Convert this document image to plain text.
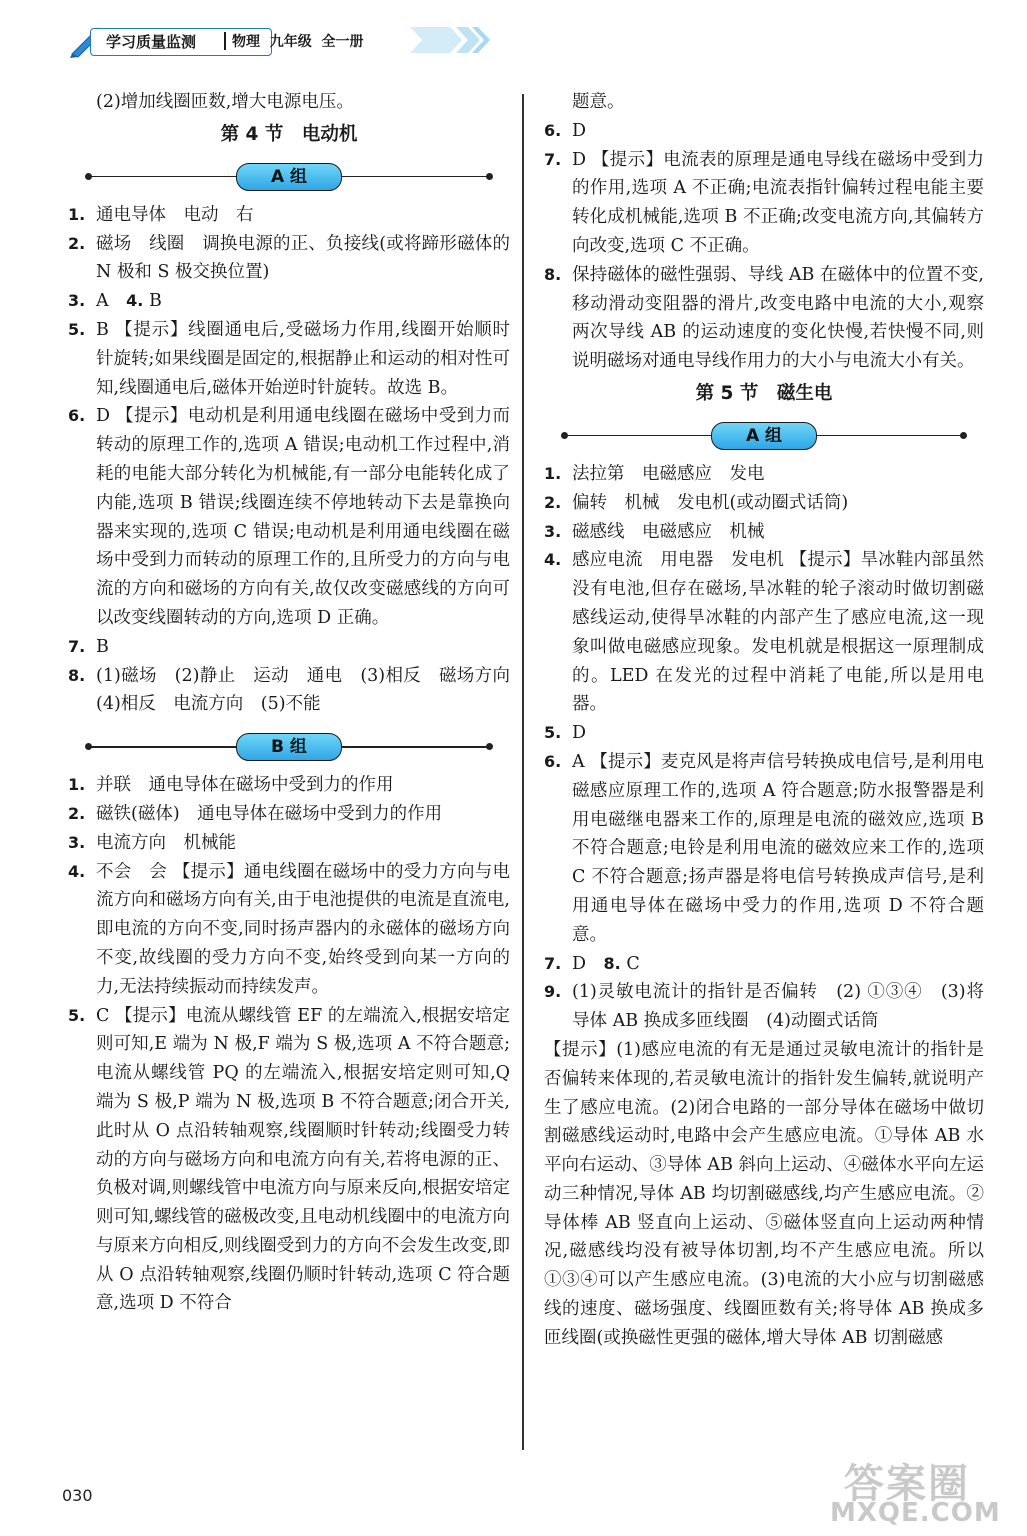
学习质量监测	物理  九年级  全一册
(2)增加线圈匝数,增大电源电压。
第 4 节　电动机
A 组
1. 通电导体　电动　右
2. 磁场　线圈　调换电源的正、负接线(或将蹄形磁体的 N 极和 S 极交换位置)
3. A　 4. B
5. B 【提示】线圈通电后,受磁场力作用,线圈开始顺时针旋转;如果线圈是固定的,根据静止和运动的相对性可知,线圈通电后,磁体开始逆时针旋转。故选 B。
6. D 【提示】电动机是利用通电线圈在磁场中受到力而转动的原理工作的,选项 A 错误;电动机工作过程中,消耗的电能大部分转化为机械能,有一部分电能转化成了内能,选项 B 错误;线圈连续不停地转动下去是靠换向器来实现的,选项 C 错误;电动机是利用通电线圈在磁场中受到力而转动的原理工作的,且所受力的方向与电流的方向和磁场的方向有关,故仅改变磁感线的方向可以改变线圈转动的方向,选项 D 正确。
7. B
8. (1)磁场　(2)静止　运动　通电　(3)相反　磁场方向　(4)相反　电流方向　(5)不能
B 组
1. 并联　通电导体在磁场中受到力的作用
2. 磁铁(磁体)　通电导体在磁场中受到力的作用
3. 电流方向　机械能
4. 不会　会 【提示】通电线圈在磁场中的受力方向与电流方向和磁场方向有关,由于电池提供的电流是直流电,即电流的方向不变,同时扬声器内的永磁体的磁场方向不变,故线圈的受力方向不变,始终受到向某一方向的力,无法持续振动而持续发声。
5. C 【提示】电流从螺线管 EF 的左端流入,根据安培定则可知,E 端为 N 极,F 端为 S 极,选项 A 不符合题意;电流从螺线管 PQ 的左端流入,根据安培定则可知,Q 端为 S 极,P 端为 N 极,选项 B 不符合题意;闭合开关,此时从 O 点沿转轴观察,线圈顺时针转动;线圈受力转动的方向与磁场方向和电流方向有关,若将电源的正、负极对调,则螺线管中电流方向与原来反向,根据安培定则可知,螺线管的磁极改变,且电动机线圈中的电流方向与原来方向相反,则线圈受到力的方向不会发生改变,即从 O 点沿转轴观察,线圈仍顺时针转动,选项 C 符合题意,选项 D 不符合
题意。
6. D
7. D 【提示】电流表的原理是通电导线在磁场中受到力的作用,选项 A 不正确;电流表指针偏转过程电能主要转化成机械能,选项 B 不正确;改变电流方向,其偏转方向改变,选项 C 不正确。
8. 保持磁体的磁性强弱、导线 AB 在磁体中的位置不变,移动滑动变阻器的滑片,改变电路中电流的大小,观察两次导线 AB 的运动速度的变化快慢,若快慢不同,则说明磁场对通电导线作用力的大小与电流大小有关。
第 5 节　磁生电
A 组
1. 法拉第　电磁感应　发电
2. 偏转　机械　发电机(或动圈式话筒)
3. 磁感线　电磁感应　机械
4. 感应电流　用电器　发电机 【提示】旱冰鞋内部虽然没有电池,但存在磁场,旱冰鞋的轮子滚动时做切割磁感线运动,使得旱冰鞋的内部产生了感应电流,这一现象叫做电磁感应现象。发电机就是根据这一原理制成的。LED 在发光的过程中消耗了电能,所以是用电器。
5. D
6. A 【提示】麦克风是将声信号转换成电信号,是利用电磁感应原理工作的,选项 A 符合题意;防水报警器是利用电磁继电器来工作的,原理是电流的磁效应,选项 B 不符合题意;电铃是利用电流的磁效应来工作的,选项 C 不符合题意;扬声器是将电信号转换成声信号,是利用通电导体在磁场中受力的作用,选项 D 不符合题意。
7. D　 8. C
9. (1)灵敏电流计的指针是否偏转　(2) ①③④　(3)将导体 AB 换成多匝线圈　(4)动圈式话筒
【提示】(1)感应电流的有无是通过灵敏电流计的指针是否偏转来体现的,若灵敏电流计的指针发生偏转,就说明产生了感应电流。(2)闭合电路的一部分导体在磁场中做切割磁感线运动时,电路中会产生感应电流。①导体 AB 水平向右运动、③导体 AB 斜向上运动、④磁体水平向左运动三种情况,导体 AB 均切割磁感线,均产生感应电流。②导体棒 AB 竖直向上运动、⑤磁体竖直向上运动两种情况,磁感线均没有被导体切割,均不产生感应电流。所以①③④可以产生感应电流。(3)电流的大小应与切割磁感线的速度、磁场强度、线圈匝数有关;将导体 AB 换成多匝线圈(或换磁性更强的磁体,增大导体 AB 切割磁感
030	答案圈
MXQE.COM
